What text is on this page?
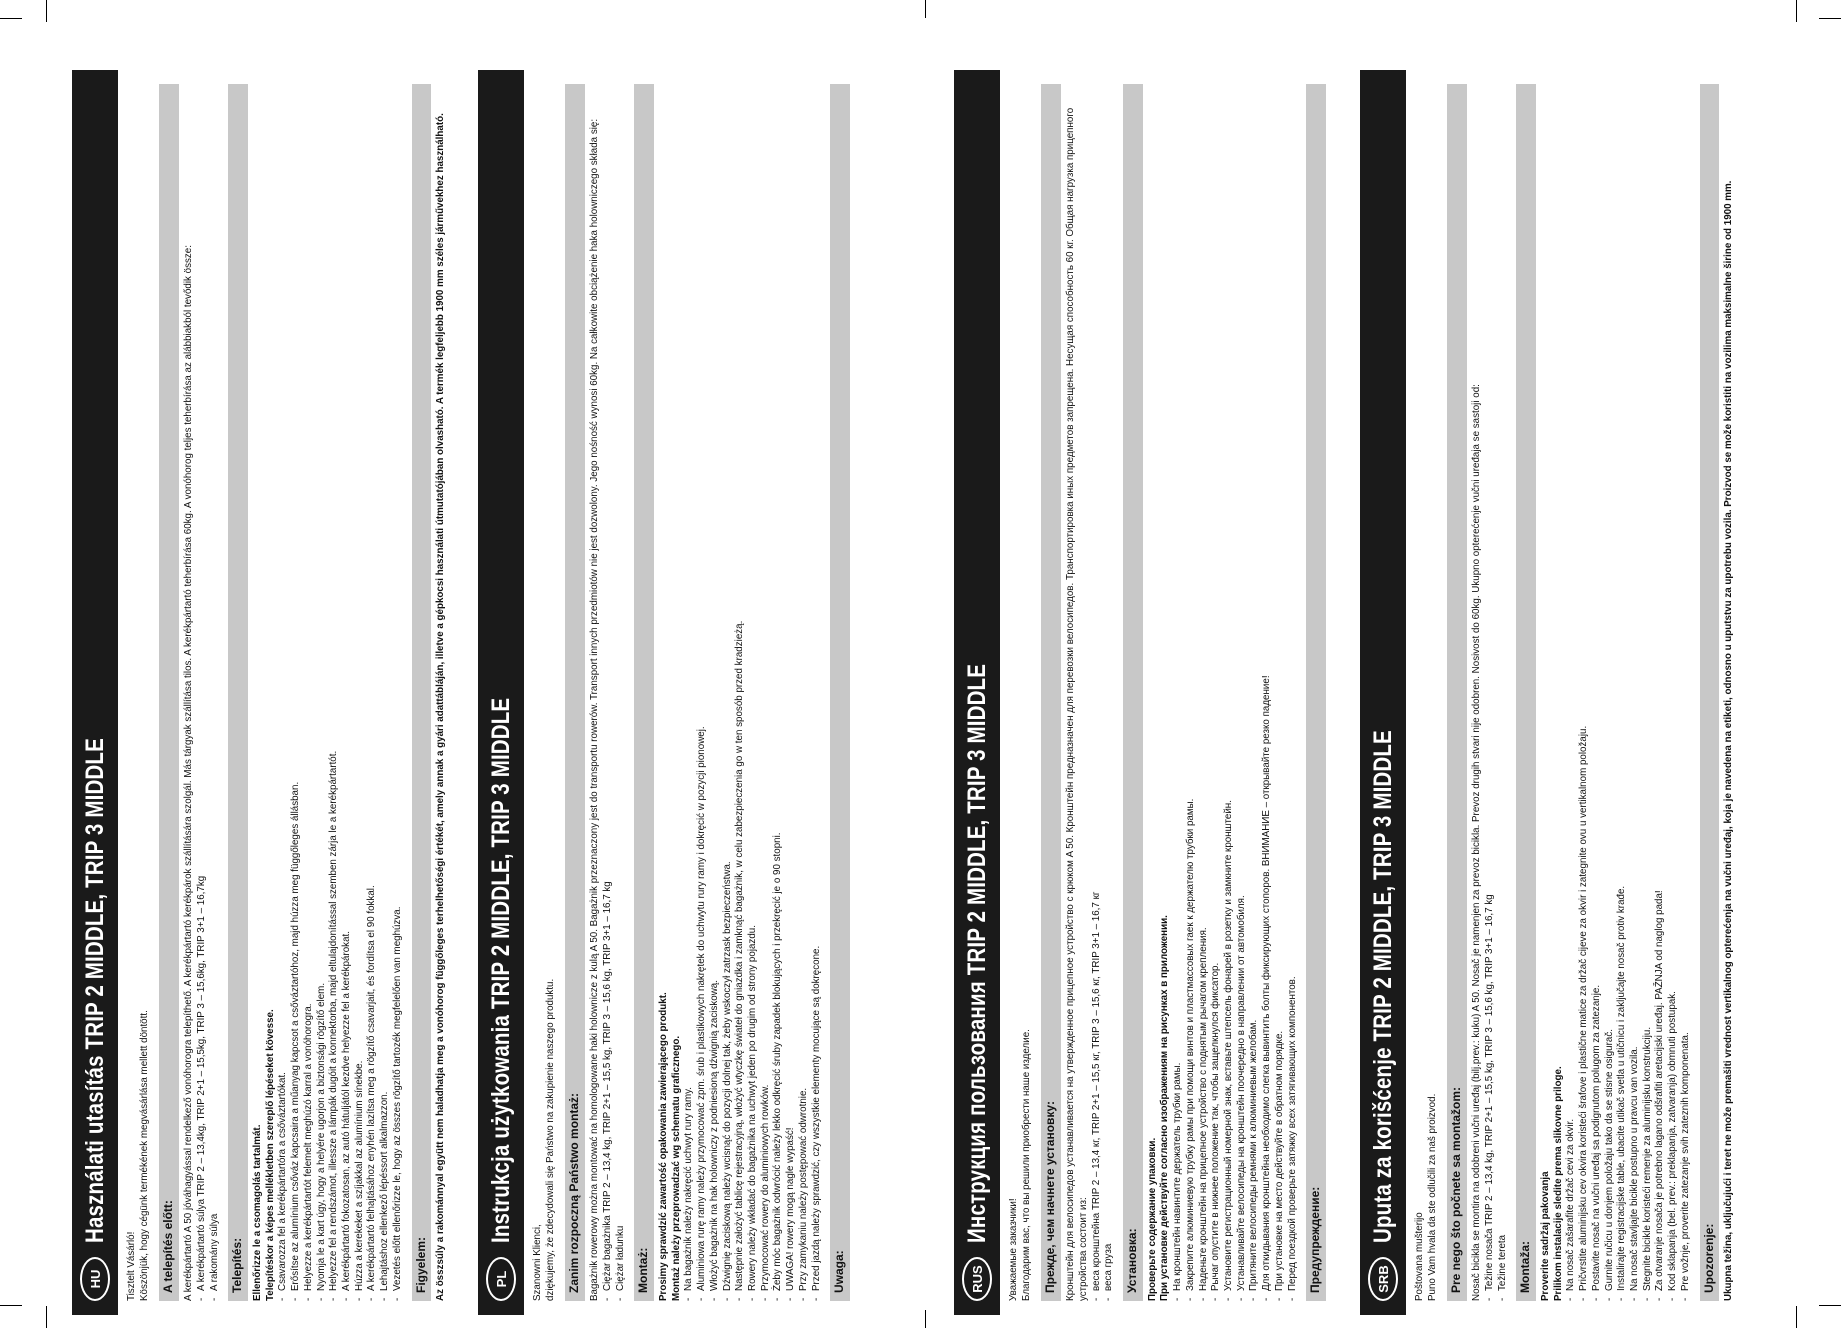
HU
Használati utasítás TRIP 2 MIDDLE, TRIP 3 MIDDLE

Tisztelt Vásárló! Köszönjük, hogy cégünk termékének megvásárlása mellett döntött. A telepítés előtt: A kerékpártartó A 50 jóváhagyással rendelkező vonóhorogra telepíthető. A kerékpártartó kerékpárok szállítására szolgál. Más tárgyak szállítása tilos. A kerékpártartó teherbírása 60kg. A vonóhorog teljes teherbírása az alábbiakból tevődik össze: - A kerékpártartó súlya TRIP 2 – 13,4kg, TRIP 2+1 – 15,5kg, TRIP 3 – 15,6kg, TRIP 3+1 – 16,7kg - A rakomány súlya Telepítés: Ellenőrizze le a csomagolás tartalmát. Telepítéskor a képes mellékletben szereplő lépéseket kövesse. - Csavarozza fel a kerékpártartóra a csőváztartókat. - Erősítse az alumínium csőváz kapcsaira a műanyag kapcsot a csőváztartóhoz, majd húzza meg függőleges állásban. - Helyezze a kerékpártartót felemelt meghúzó karral a vonóhorogra. - Nyomja le a kart úgy, hogy a helyére ugorjon a biztonsági rögzítő elem. - Helyezze fel a rendszámot, illessze a lámpák dugóit a konnektorba, majd eltulajdonítással szemben zárja le a kerékpártartót. - A kerékpártartó fokozatosan, az autó hátuljától kezdve helyezze fel a kerékpárokat. - Húzza a kerekeket a szíjakkal az alumínium sínekbe. - A kerékpártartó felhajtásához enyhén lazítsa meg a rögzítő csavarjait, és fordítsa el 90 fokkal. - Lehajtáshoz ellenkező lépéssort alkalmazzon. - Vezetés előtt ellenőrizze le, hogy az összes rögzítő tartozék megfelelően van meghúzva. Figyelem: Az összsúly a rakománnyal együtt nem haladhatja meg a vonóhorog függőleges terhelhetőségi értékét, amely annak a gyári adattábláján, illetve a gépkocsi használati útmutatójában olvasható. A termék legfeljebb 1900 mm széles járművekhez használható.	PL
Instrukcja użytkowania TRIP 2 MIDDLE, TRIP 3 MIDDLE

Szanowni Klienci, dziękujemy, że zdecydowali się Państwo na zakupienie naszego produktu. Zanim rozpoczną Państwo montaż: Bagażnik rowerowy można montować na homologowane haki holownicze z kulą A 50. Bagażnik przeznaczony jest do transportu rowerów. Transport innych przedmiotów nie jest dozwolony. Jego nośność wynosi 60kg. Na całkowite obciążenie haka holowniczego składa się: - Ciężar bagażnika TRIP 2 – 13,4 kg, TRIP 2+1 – 15,5 kg, TRIP 3 – 15,6 kg, TRIP 3+1 – 16,7 kg - Ciężar ładunku Montaż: Prosimy sprawdzić zawartość opakowania zawierającego produkt. Montaż należy przeprowadzać wg schematu graficznego. - Na bagażnik należy nakręcić uchwyt rury ramy. - Aluminiowa rurę ramy należy przymocować zpm. śrub i plastikowych nakrętek do uchwytu rury ramy i dokręcić w pozycji pionowej. - Włożyć bagażnik na hak holowniczy z podniesioną dźwignią zaciskową. - Dźwignię zaciskową należy wcisnąć do pozycji dolnej tak, żeby wskoczył zatrzask bezpieczeństwa. - Następnie założyć tablicę rejestracyjną, włożyć wtyczkę świateł do gniazdka i zamknąć bagażnik, w celu zabezpieczenia go w ten sposób przed kradzieżą. - Rowery należy wkładać do bagażnika na uchwyt jeden po drugim od strony pojazdu. - Przymocować rowery do aluminiowych rowków. - Żeby móc bagażnik odwrócić należy lekko odkręcić śruby zapadek blokujących i przekręcić je o 90 stopni. - UWAGA! rowery mogą nagle wypaść! - Przy zamykaniu należy postępować odwrotnie. - Przed jazdą należy sprawdzić, czy wszystkie elementy mocujące są dokręcone. Uwaga:	RUS
Инструкция пользования TRIP 2 MIDDLE, TRIP 3 MIDDLE

Уважаемые заказчики! Благодарим вас, что вы решили приобрести наше изделие. Прежде, чем начнете установку: Кронштейн для велосипедов устанавливается на утвержденное прицепное устройство с крюком A 50. Кронштейн предназначен для перевозки велосипедов. Транспортировка иных предметов запрещена. Несущая способность 60 кг. Общая нагрузка прицепного устройства состоит из: - веса кронштейна TRIP 2 – 13,4 кг, TRIP 2+1 – 15,5 кг, TRIP 3 – 15,6 кг, TRIP 3+1 – 16,7 кг - веса груза Установка: Проверьте содержание упаковки. При установке действуйте согласно изображениям на рисунках в приложении. - На кронштейн навинтите держатель трубки рамы. - Закрепите алюминиевую трубку рамы при помощи винтов и пластмассовых гаек к держателю трубки рамы. - Наденьте кронштейн на прицепное устройство с поднятым рычагом крепления. - Рычаг опустите в нижнее положение так, чтобы защелкнулся фиксатор. - Установите регистрационный номерной знак, вставьте штепсель фонарей в розетку и замкните кронштейн. - Устанавливайте велосипеды на кронштейн поочередно в направлении от автомобиля. - Притяните велосипеды ремнями к алюминиевым желобам. - Для откидывания кронштейна необходимо слегка вывинтить болты фиксирующих стопоров. ВНИМАНИЕ – открывайте резко падение! - При установке на место действуйте в обратном порядке. - Перед поездкой проверьте затяжку всех затягивающих компонентов. Предупреждение:	SRB
Uputa za korišćenje TRIP 2 MIDDLE, TRIP 3 MIDDLE

Poštovana mušterijo Puno Vam hvala da ste odlučili za naš proizvod. Pre nego što počnete sa montažom: Nosač bicikla se montira na odobreni vučni uređaj (bilj.prev.: kuku) A 50. Nosač je namenjen za prevoz bicikla. Prevoz drugih stvari nije odobren. Nosivost do 60kg. Ukupno opterećenje vučni uređaja se sastoji od: - Težine nosača TRIP 2 – 13,4 kg, TRIP 2+1 – 15,5 kg, TRIP 3 – 15,6 kg, TRIP 3+1 – 16,7 kg - Težine tereta Montaža: Proverite sadržaj pakovanja Prilikom instalacije sledite prema slikovne priloge. - Na nosač zašarafite držač cevi za okvir. - Pričvrstite aluminijsku cev okvira koristeći šrafove i plastične matice za držač cijeve za okvir i zategnite ovu u vertikalnom položaju. - Postavite nosač na vučni uređaj sa podignutom polugom za zatezanje. - Gurnite ručicu u donjem položaju tako da se stisne osigurač. - Instalirajte registracijske table, ubacite utikač svetla u utičnicu i zaključajte nosač protiv krađe. - Na nosač stavljajte bicikle postupno u pravcu van vozila. - Stegnite bicikle koristeći remenje za aluminijsku konstrukciju. - Za otvaranje nosača je potrebno lagano odšrafiti aretacijski uređaj. PAŽNJA od naglog pada! - Kod sklapanja (bel. prev.: preklapanja, zatvaranja) obmnuti postupak. - Pre vožnje, proverite zatezanje svih zateznih komponenata. Upozorenje: Ukupna težina, uključujući i teret ne može premašiti vrednost vertikalnog opterećenja na vučni uređaj, koja je navedena na etiketi, odnosno u uputstvu za upotrebu vozila. Proizvod se može koristiti na vozilima maksimalne širine od 1900 mm.
